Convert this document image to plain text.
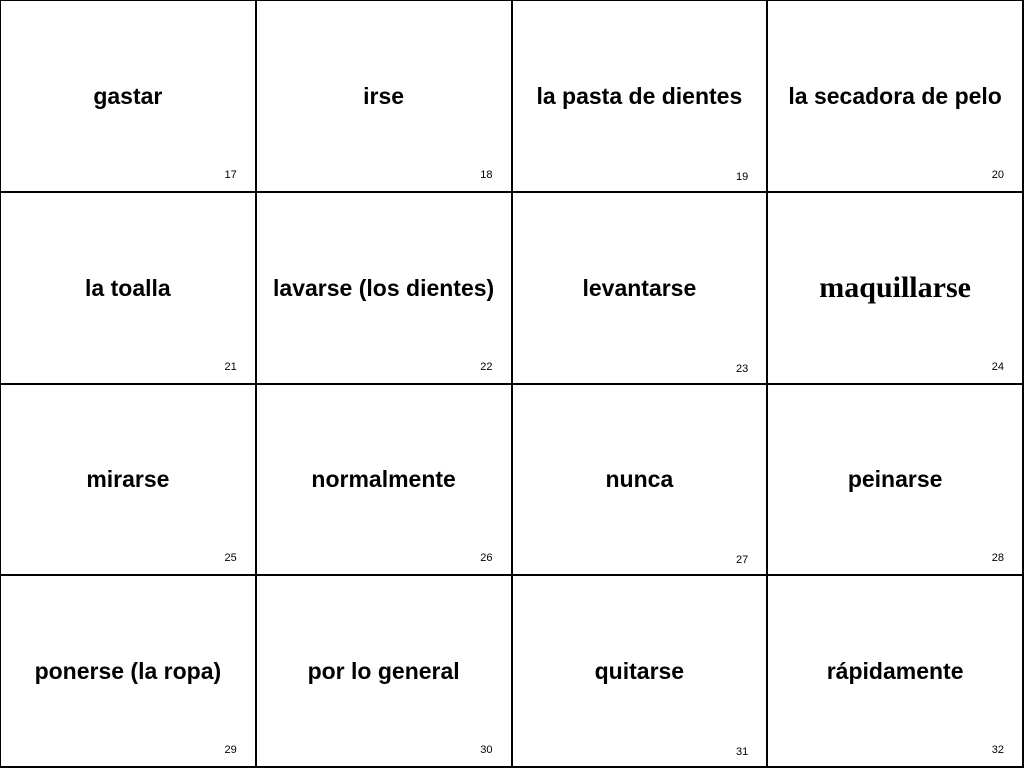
gastar
17
irse
18
la pasta de dientes
19
la secadora de pelo
20
la toalla
21
lavarse (los dientes)
22
levantarse
23
maquillarse
24
mirarse
25
normalmente
26
nunca
27
peinarse
28
ponerse (la ropa)
29
por lo general
30
quitarse
31
rápidamente
32
